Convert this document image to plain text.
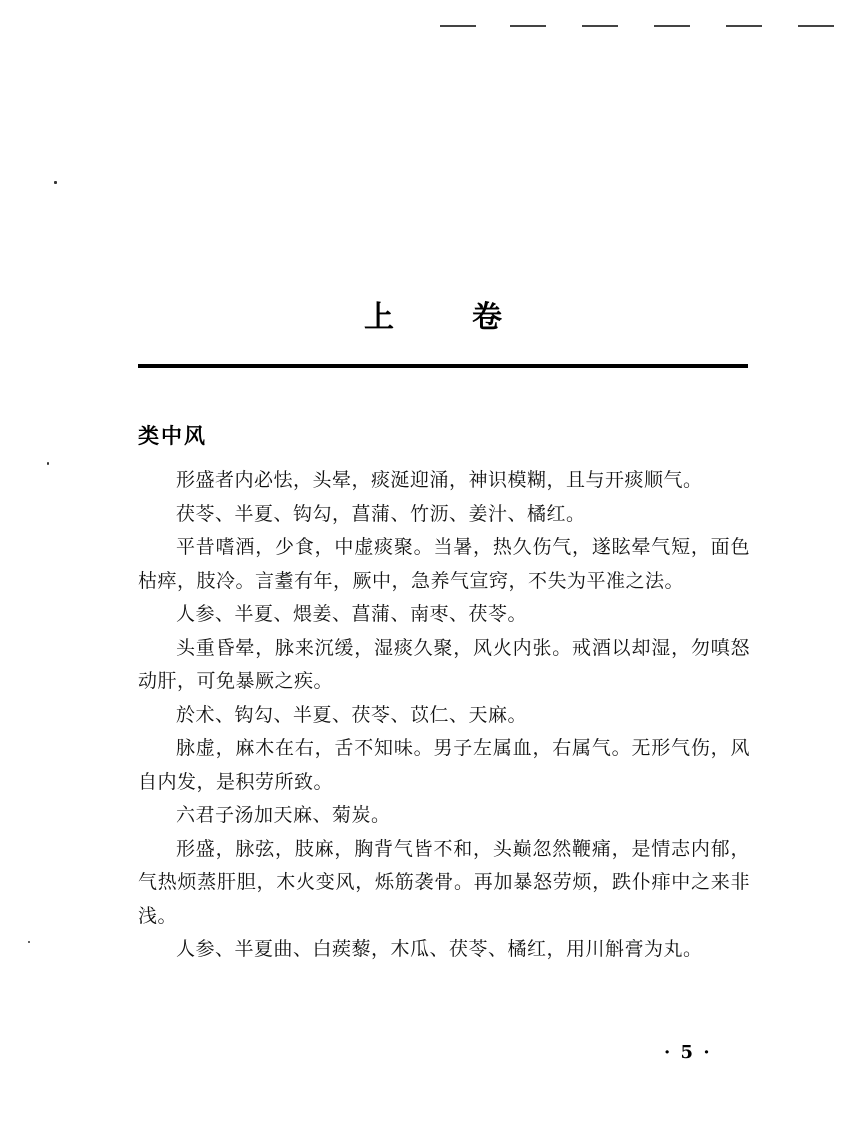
上卷
类中风

形盛者内必怯，头晕，痰涎迎涌，神识模糊，且与开痰顺气。

茯苓、半夏、钩勾，菖蒲、竹沥、姜汁、橘红。

平昔嗜酒，少食，中虚痰聚。当暑，热久伤气，遂眩晕气短，面色枯瘁，肢冷。言耋有年，厥中，急养气宣窍，不失为平准之法。

人参、半夏、煨姜、菖蒲、南枣、茯苓。

头重昏晕，脉来沉缓，湿痰久聚，风火内张。戒酒以却湿，勿嗔怒动肝，可免暴厥之疾。

於术、钩勾、半夏、茯苓、苡仁、天麻。

脉虚，麻木在右，舌不知味。男子左属血，右属气。无形气伤，风自内发，是积劳所致。

六君子汤加天麻、菊炭。

形盛，脉弦，肢麻，胸背气皆不和，头巅忽然鞭痛，是情志内郁，气热烦蒸肝胆，木火变风，烁筋袭骨。再加暴怒劳烦，跌仆痱中之来非浅。

人参、半夏曲、白蒺藜，木瓜、茯苓、橘红，用川斛膏为丸。

· 5 ·
